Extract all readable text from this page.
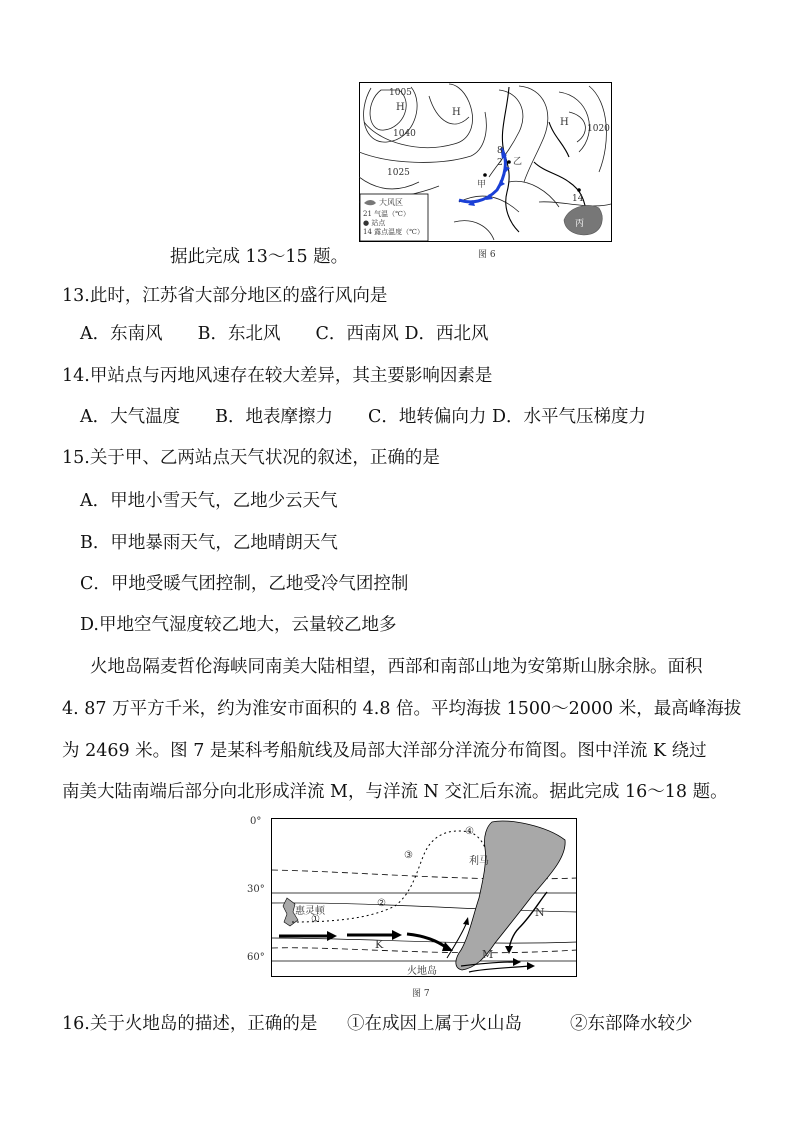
1005
1040
1025
1020
H	H
H
8
2
甲
乙
14
丙
大风区
21 气温（℃）
● 站点
14 露点温度（℃）
图 6
据此完成 13～15 题。
13.此时，江苏省大部分地区的盛行风向是
A．东南风　　B．东北风　　C．西南风 D．西北风
14.甲站点与丙地风速存在较大差异，其主要影响因素是
A．大气温度　　B．地表摩擦力　　C．地转偏向力 D．水平气压梯度力
15.关于甲、乙两站点天气状况的叙述，正确的是
A．甲地小雪天气，乙地少云天气
B．甲地暴雨天气，乙地晴朗天气
C．甲地受暖气团控制，乙地受冷气团控制
D.甲地空气湿度较乙地大，云量较乙地多
火地岛隔麦哲伦海峡同南美大陆相望，西部和南部山地为安第斯山脉余脉。面积
4. 87 万平方千米，约为淮安市面积的 4.8 倍。平均海拔 1500～2000 米，最高峰海拔
为 2469 米。图 7 是某科考船航线及局部大洋部分洋流分布简图。图中洋流 K 绕过
南美大陆南端后部分向北形成洋流 M，与洋流 N 交汇后东流。据此完成 16～18 题。
0°
30°
60°
①
②
③
④
惠灵顿
利马
火地岛
K
M
N
图 7
16.关于火地岛的描述，正确的是 ①在成因上属于火山岛	②东部降水较少
